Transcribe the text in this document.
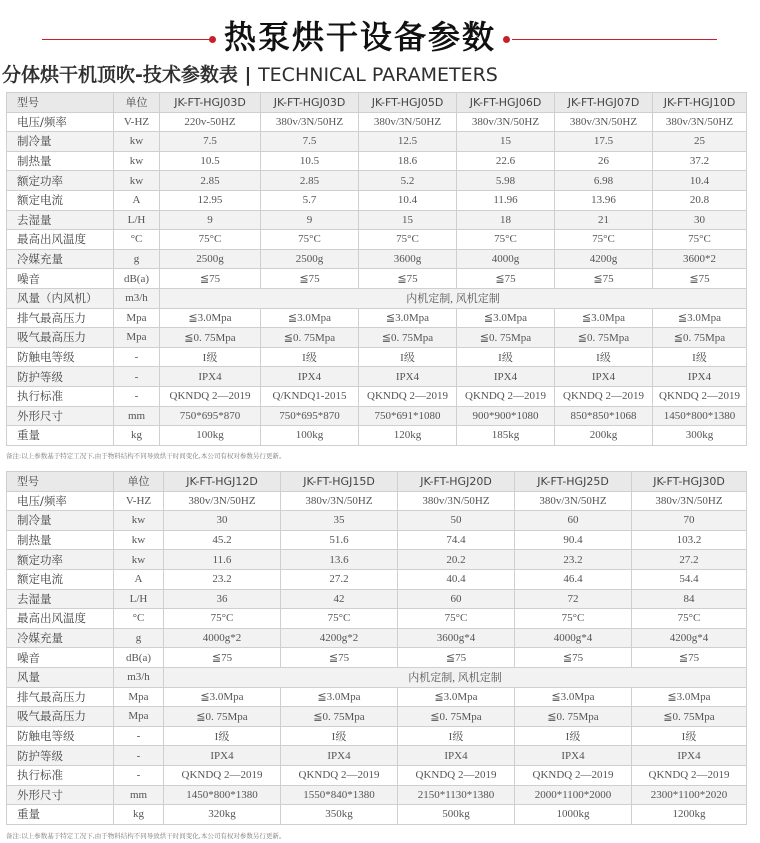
热泵烘干设备参数
分体烘干机顶吹-技术参数表 | TECHNICAL PARAMETERS
型号	单位	JK-FT-HGJ03D	JK-FT-HGJ03D	JK-FT-HGJ05D	JK-FT-HGJ06D	JK-FT-HGJ07D	JK-FT-HGJ10D
电压/频率	V-HZ	220v-50HZ	380v/3N/50HZ	380v/3N/50HZ	380v/3N/50HZ	380v/3N/50HZ	380v/3N/50HZ
制冷量	kw	7.5	7.5	12.5	15	17.5	25
制热量	kw	10.5	10.5	18.6	22.6	26	37.2
额定功率	kw	2.85	2.85	5.2	5.98	6.98	10.4
额定电流	A	12.95	5.7	10.4	11.96	13.96	20.8
去湿量	L/H	9	9	15	18	21	30
最高出风温度	°C	75°C	75°C	75°C	75°C	75°C	75°C
冷媒充量	g	2500g	2500g	3600g	4000g	4200g	3600*2
噪音	dB(a)	≦75	≦75	≦75	≦75	≦75	≦75
风量（内风机）	m3/h	内机定制, 风机定制					
排气最高压力	Mpa	≦3.0Mpa	≦3.0Mpa	≦3.0Mpa	≦3.0Mpa	≦3.0Mpa	≦3.0Mpa
吸气最高压力	Mpa	≦0. 75Mpa	≦0. 75Mpa	≦0. 75Mpa	≦0. 75Mpa	≦0. 75Mpa	≦0. 75Mpa
防触电等级	-	I级	I级	I级	I级	I级	I级
防护等级	-	IPX4	IPX4	IPX4	IPX4	IPX4	IPX4
执行标准	-	QKNDQ 2—2019	Q/KNDQ1-2015	QKNDQ 2—2019	QKNDQ 2—2019	QKNDQ 2—2019	QKNDQ 2—2019
外形尺寸	mm	750*695*870	750*695*870	750*691*1080	900*900*1080	850*850*1068	1450*800*1380
重量	kg	100kg	100kg	120kg	185kg	200kg	300kg
备注:以上参数基于特定工况下,由于物料结构不同导致烘干时间变化,本公司有权对参数另行更新。
型号	单位	JK-FT-HGJ12D	JK-FT-HGJ15D	JK-FT-HGJ20D	JK-FT-HGJ25D	JK-FT-HGJ30D
电压/频率	V-HZ	380v/3N/50HZ	380v/3N/50HZ	380v/3N/50HZ	380v/3N/50HZ	380v/3N/50HZ
制冷量	kw	30	35	50	60	70
制热量	kw	45.2	51.6	74.4	90.4	103.2
额定功率	kw	11.6	13.6	20.2	23.2	27.2
额定电流	A	23.2	27.2	40.4	46.4	54.4
去湿量	L/H	36	42	60	72	84
最高出风温度	°C	75°C	75°C	75°C	75°C	75°C
冷媒充量	g	4000g*2	4200g*2	3600g*4	4000g*4	4200g*4
噪音	dB(a)	≦75	≦75	≦75	≦75	≦75
风量	m3/h	内机定制, 风机定制				
排气最高压力	Mpa	≦3.0Mpa	≦3.0Mpa	≦3.0Mpa	≦3.0Mpa	≦3.0Mpa
吸气最高压力	Mpa	≦0. 75Mpa	≦0. 75Mpa	≦0. 75Mpa	≦0. 75Mpa	≦0. 75Mpa
防触电等级	-	I级	I级	I级	I级	I级
防护等级	-	IPX4	IPX4	IPX4	IPX4	IPX4
执行标准	-	QKNDQ 2—2019	QKNDQ 2—2019	QKNDQ 2—2019	QKNDQ 2—2019	QKNDQ 2—2019
外形尺寸	mm	1450*800*1380	1550*840*1380	2150*1130*1380	2000*1100*2000	2300*1100*2020
重量	kg	320kg	350kg	500kg	1000kg	1200kg
备注:以上参数基于特定工况下,由于物料结构不同导致烘干时间变化,本公司有权对参数另行更新。
